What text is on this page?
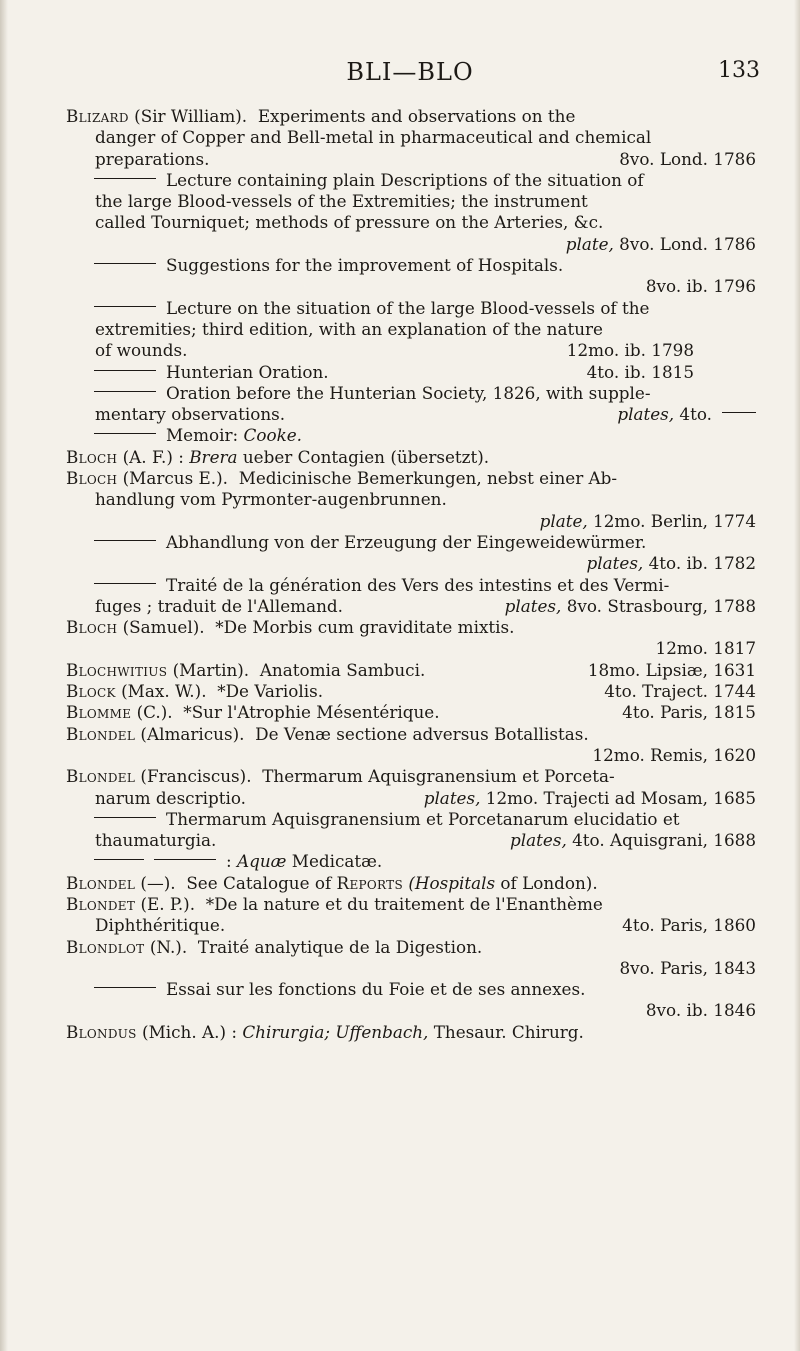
BLI—BLO	133

Blizard (Sir William). Experiments and observations on the
danger of Copper and Bell-metal in pharmaceutical and chemical
preparations.	8vo. Lond. 1786

Lecture containing plain Descriptions of the situation of
the large Blood-vessels of the Extremities; the instrument
called Tourniquet; methods of pressure on the Arteries, &c.
plate, 8vo. Lond. 1786

Suggestions for the improvement of Hospitals.
8vo. ib. 1796

Lecture on the situation of the large Blood-vessels of the
extremities; third edition, with an explanation of the nature
of wounds.	12mo. ib. 1798

Hunterian Oration.	4to. ib. 1815

Oration before the Hunterian Society, 1826, with supple-
mentary observations.	plates, 4to.

Memoir: Cooke.

Bloch (A. F.) : Brera ueber Contagien (übersetzt).

Bloch (Marcus E.). Medicinische Bemerkungen, nebst einer Ab-
handlung vom Pyrmonter-augenbrunnen.
plate, 12mo. Berlin, 1774

Abhandlung von der Erzeugung der Eingeweidewürmer.
plates, 4to. ib. 1782

Traité de la génération des Vers des intestins et des Vermi-
fuges ; traduit de l'Allemand.	plates, 8vo. Strasbourg, 1788

Bloch (Samuel). *De Morbis cum graviditate mixtis.
12mo. 1817

Blochwitius (Martin). Anatomia Sambuci.	18mo. Lipsiæ, 1631

Block (Max. W.). *De Variolis.	4to. Traject. 1744

Blomme (C.). *Sur l'Atrophie Mésentérique.	4to. Paris, 1815

Blondel (Almaricus). De Venæ sectione adversus Botallistas.
12mo. Remis, 1620

Blondel (Franciscus). Thermarum Aquisgranensium et Porceta-
narum descriptio.	plates, 12mo. Trajecti ad Mosam, 1685

Thermarum Aquisgranensium et Porcetanarum elucidatio et
thaumaturgia.	plates, 4to. Aquisgrani, 1688

: Aquæ Medicatæ.

Blondel (—). See Catalogue of Reports (Hospitals of London).

Blondet (E. P.). *De la nature et du traitement de l'Enanthème
Diphthéritique.	4to. Paris, 1860

Blondlot (N.). Traité analytique de la Digestion.
8vo. Paris, 1843

Essai sur les fonctions du Foie et de ses annexes.
8vo. ib. 1846

Blondus (Mich. A.) : Chirurgia; Uffenbach, Thesaur. Chirurg.
